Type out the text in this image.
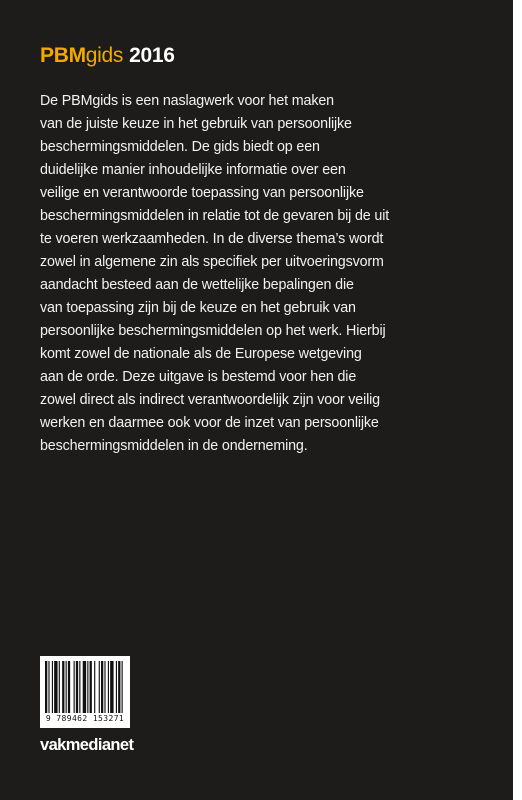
PBMgids 2016
De PBMgids is een naslagwerk voor het maken
van de juiste keuze in het gebruik van persoonlijke
beschermingsmiddelen. De gids biedt op een
duidelijke manier inhoudelijke informatie over een
veilige en verantwoorde toepassing van persoonlijke
beschermingsmiddelen in relatie tot de gevaren bij de uit
te voeren werkzaamheden. In de diverse thema’s wordt
zowel in algemene zin als specifiek per uitvoeringsvorm
aandacht besteed aan de wettelijke bepalingen die
van toepassing zijn bij de keuze en het gebruik van
persoonlijke beschermingsmiddelen op het werk. Hierbij
komt zowel de nationale als de Europese wetgeving
aan de orde. Deze uitgave is bestemd voor hen die
zowel direct als indirect verantwoordelijk zijn voor veilig
werken en daarmee ook voor de inzet van persoonlijke
beschermingsmiddelen in de onderneming.
9 789462 153271
vakmedianet
